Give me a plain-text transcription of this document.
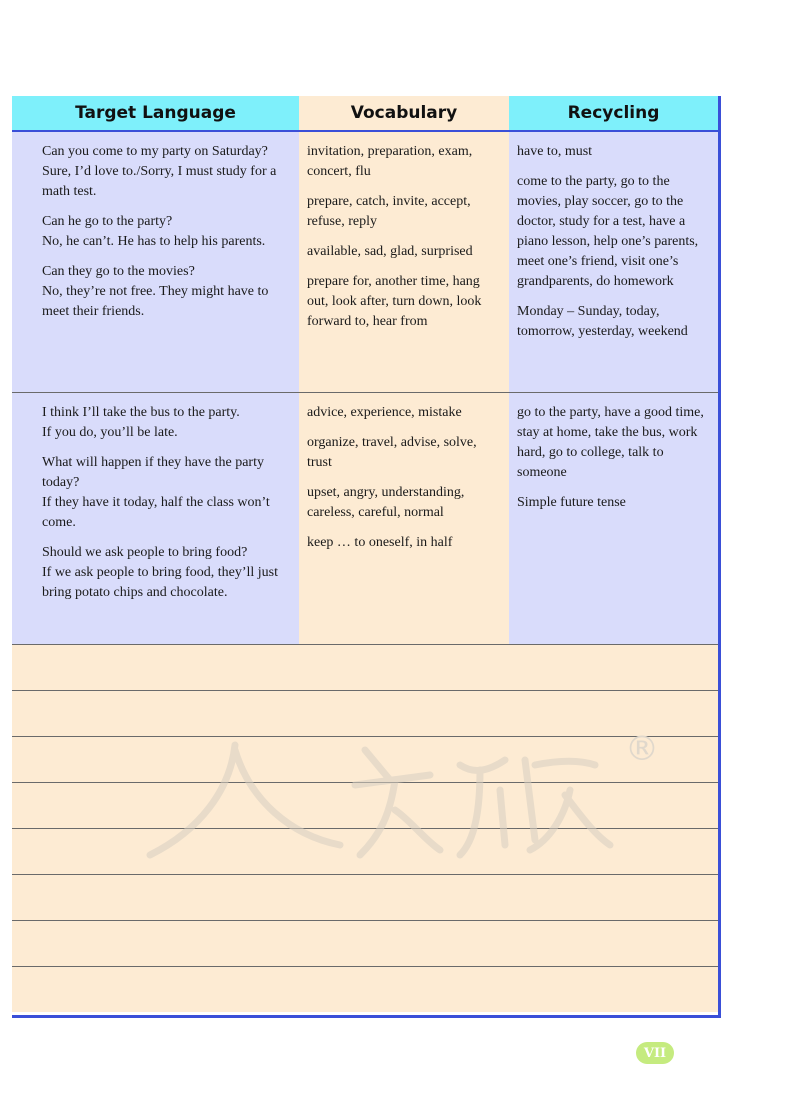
Target Language	Vocabulary	Recycling

Can you come to my party on Saturday?
Sure, I’d love to./Sorry, I must study for a math test.

Can he go to the party?
No, he can’t. He has to help his parents.

Can they go to the movies?
No, they’re not free. They might have to meet their friends.

invitation, preparation, exam, concert, flu

prepare, catch, invite, accept, refuse, reply

available, sad, glad, surprised

prepare for, another time, hang out, look after, turn down, look forward to, hear from

have to, must

come to the party, go to the movies, play soccer, go to the doctor, study for a test, have a piano lesson, help one’s parents, meet one’s friend, visit one’s grandparents, do homework

Monday – Sunday, today, tomorrow, yesterday, weekend

I think I’ll take the bus to the party.
If you do, you’ll be late.

What will happen if they have the party today?
If they have it today, half the class won’t come.

Should we ask people to bring food?
If we ask people to bring food, they’ll just bring potato chips and chocolate.

advice, experience, mistake

organize, travel, advise, solve, trust

upset, angry, understanding, careless, careful, normal

keep … to oneself, in half

go to the party, have a good time, stay at home, take the bus, work hard, go to college, talk to someone

Simple future tense

®
VII
